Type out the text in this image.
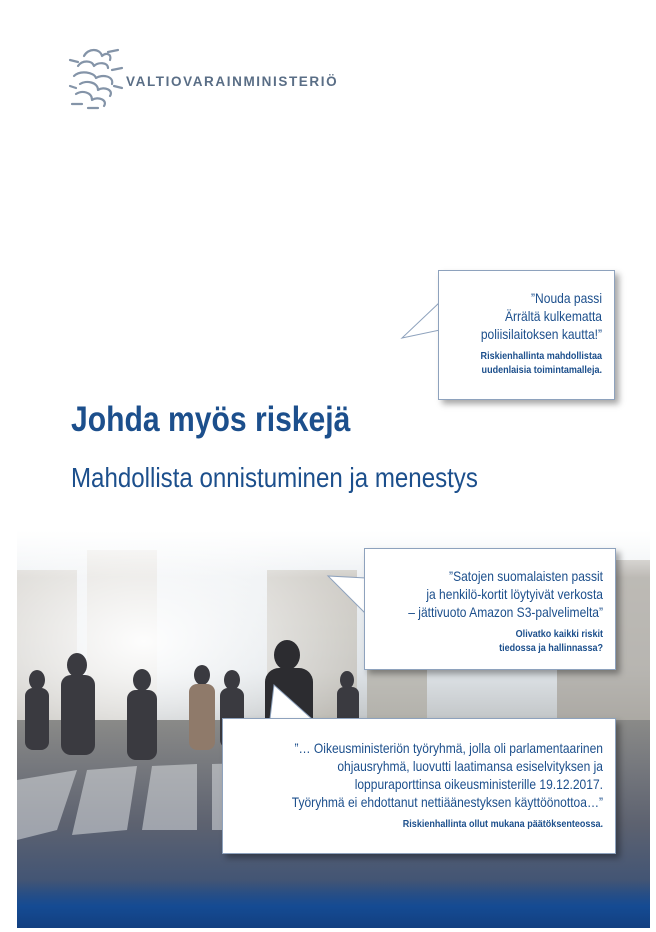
VALTIOVARAINMINISTERIÖ
”Nouda passi
Ärrältä kulkematta
poliisilaitoksen kautta!”
Riskienhallinta mahdollistaa
uudenlaisia toimintamalleja.
Johda myös riskejä
Mahdollista onnistuminen ja menestys
”Satojen suomalaisten passit
ja henkilö-kortit löytyivät verkosta
– jättivuoto Amazon S3-palvelimelta”
Olivatko kaikki riskit
tiedossa ja hallinnassa?
”… Oikeusministeriön työryhmä, jolla oli parlamentaarinen
ohjausryhmä, luovutti laatimansa esiselvityksen ja
loppuraporttinsa oikeusministerille 19.12.2017.
Työryhmä ei ehdottanut nettiäänestyksen käyttöönottoa…”
Riskienhallinta ollut mukana päätöksenteossa.
